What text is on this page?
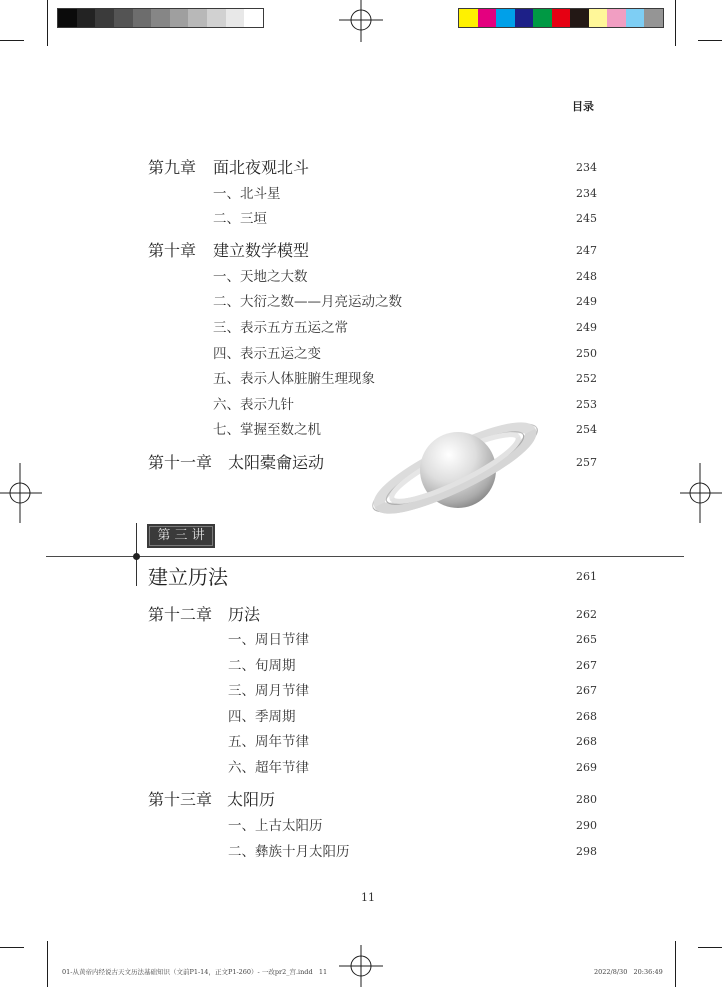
目录
第九章 面北夜观北斗	234
一、北斗星	234
二、三垣	245
第十章 建立数学模型	247
一、天地之大数	248
二、大衍之数——月亮运动之数	249
三、表示五方五运之常	249
四、表示五运之变	250
五、表示人体脏腑生理现象	252
六、表示九针	253
七、掌握至数之机	254
第十一章 太阳橐龠运动	257
第 三 讲
建立历法	261
第十二章 历法	262
一、周日节律	265
二、旬周期	267
三、周月节律	267
四、季周期	268
五、周年节律	268
六、超年节律	269
第十三章 太阳历	280
一、上古太阳历	290
二、彝族十月太阳历	298
11
01-从黄帝内经说古天文历法基础知识（文前P1-14，正文P1-260）- 一改pr2_宫.indd   11	2022/8/30   20:36:49
